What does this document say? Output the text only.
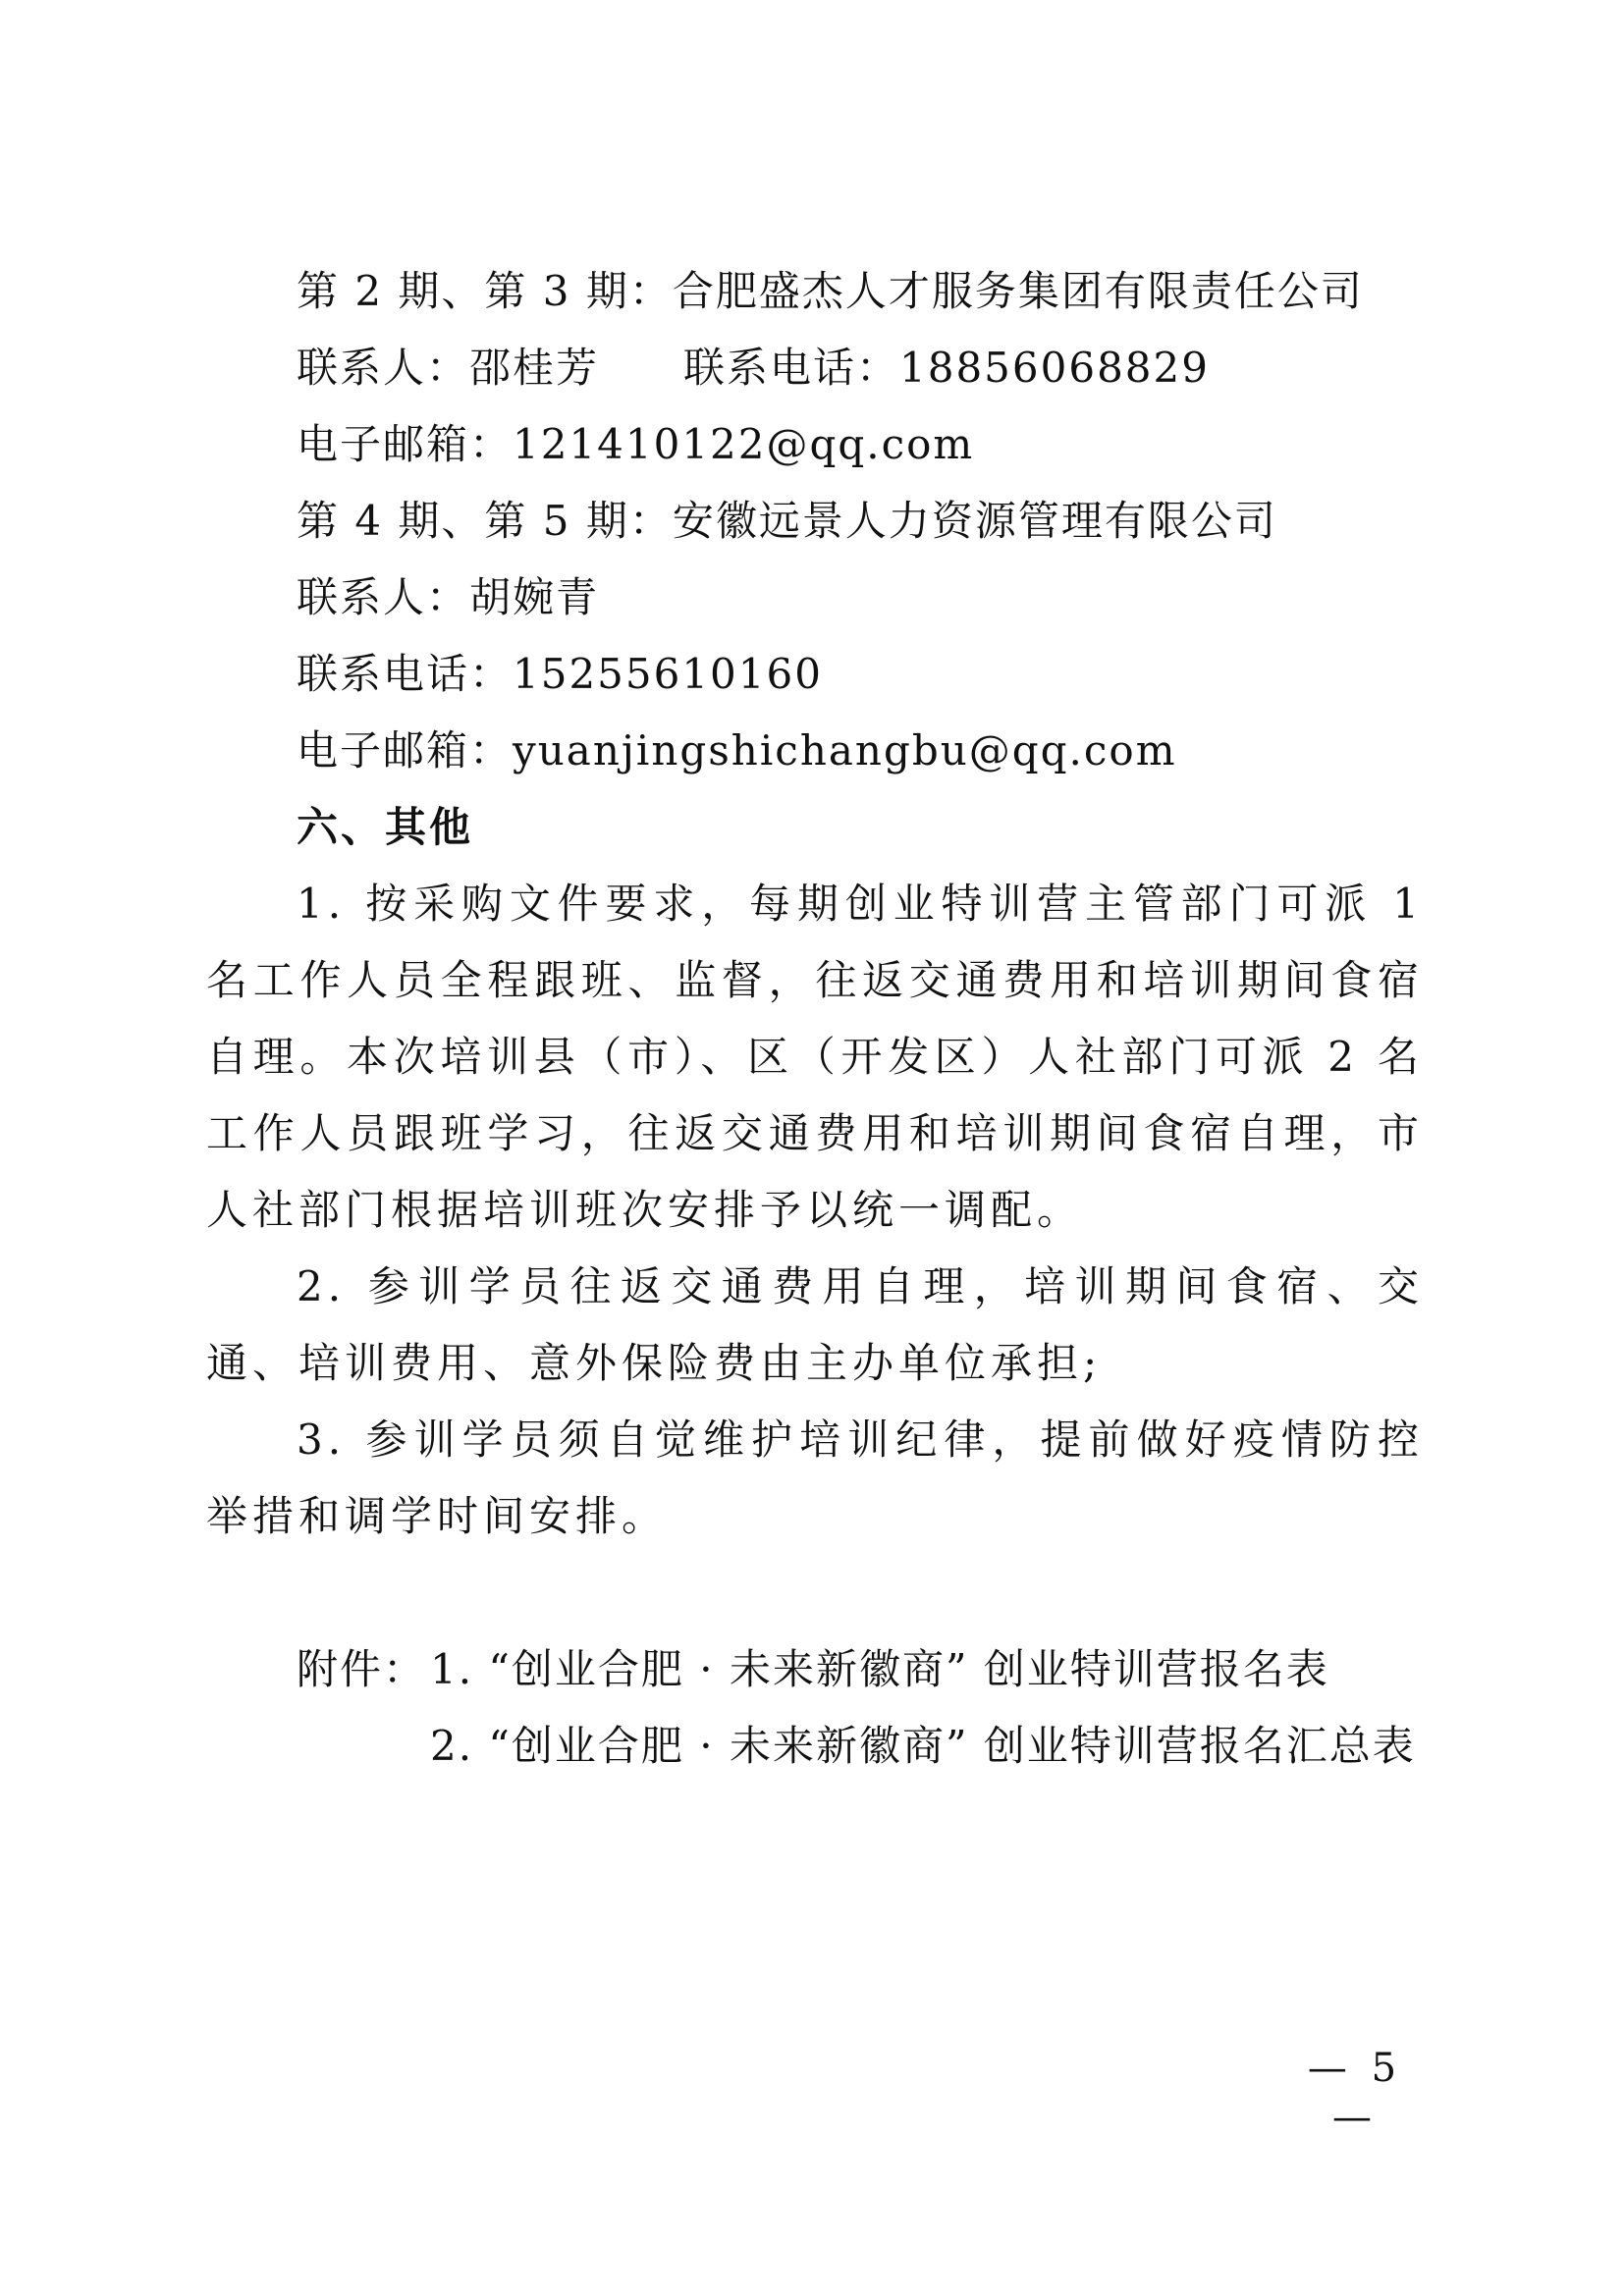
第 2 期、第 3 期：合肥盛杰人才服务集团有限责任公司
联系人：邵桂芳 联系电话：18856068829
电子邮箱：121410122@qq.com
第 4 期、第 5 期：安徽远景人力资源管理有限公司
联系人：胡婉青
联系电话：15255610160
电子邮箱：yuanjingshichangbu@qq.com
六、其他

1. 按采购文件要求，每期创业特训营主管部门可派 1 名工作人员全程跟班、监督，往返交通费用和培训期间食宿自理。本次培训县（市）、区（开发区）人社部门可派 2 名工作人员跟班学习，往返交通费用和培训期间食宿自理，市人社部门根据培训班次安排予以统一调配。

2. 参训学员往返交通费用自理，培训期间食宿、交通、培训费用、意外保险费由主办单位承担;

3. 参训学员须自觉维护培训纪律，提前做好疫情防控举措和调学时间安排。

附件： 1. “创业合肥 · 未来新徽商” 创业特训营报名表
2. “创业合肥 · 未来新徽商” 创业特训营报名汇总表
— 5 —
